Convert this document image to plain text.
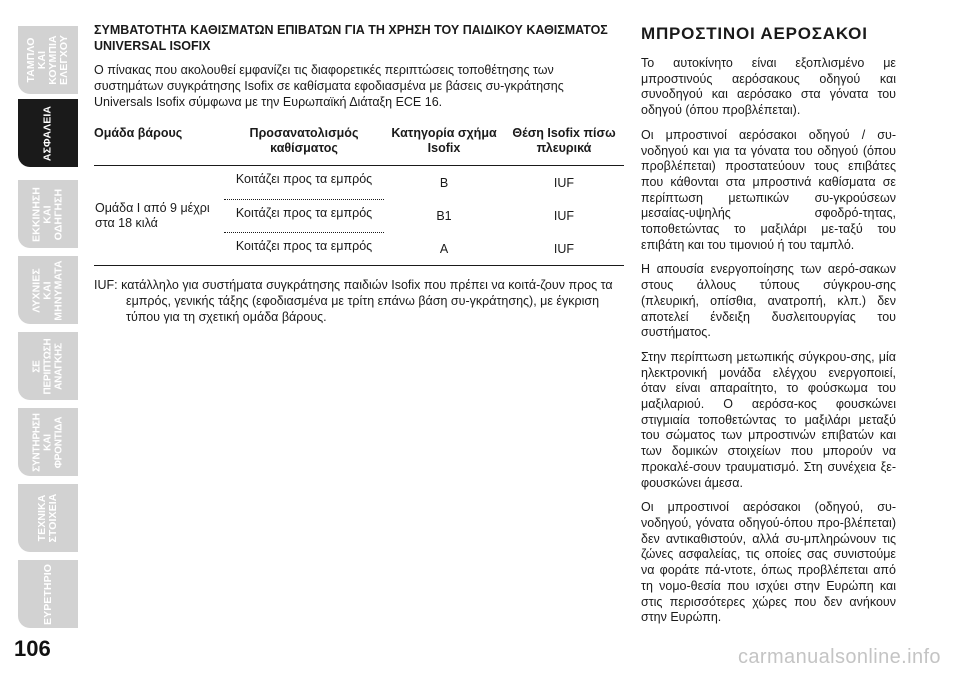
ΤΑΜΠΛΟ ΚΑΙ
ΚΟΥΜΠΙΑ
ΕΛΕΓΧΟΥ
ΑΣΦΑΛΕΙΑ
ΕΚΚΙΝΗΣΗ
ΚΑΙ ΟΔΗΓΗΣΗ
ΛΥΧΝΙΕΣ ΚΑΙ
ΜΗΝΥΜΑΤΑ
ΣΕ ΠΕΡΙΠΤΩΣΗ
ΑΝΑΓΚΗΣ
ΣΥΝΤΗΡΗΣΗ
ΚΑΙ ΦΡΟΝΤΙΔΑ
ΤΕΧΝΙΚΑ
ΣΤΟΙΧΕΙΑ
ΕΥΡΕΤΗΡΙΟ
106

ΣΥΜΒΑΤΟΤΗΤΑ ΚΑΘΙΣΜΑΤΩΝ ΕΠΙΒΑΤΩΝ ΓΙΑ ΤΗ ΧΡΗΣΗ ΤΟΥ ΠΑΙΔΙΚΟΥ ΚΑΘΙΣΜΑΤΟΣ UNIVERSAL ISOFIX

Ο πίνακας που ακολουθεί εμφανίζει τις διαφορετικές περιπτώσεις τοποθέτησης των συστημάτων συγκράτησης Isofix σε καθίσματα εφοδιασμένα με βάσεις συ-γκράτησης Universals Isofix σύμφωνα με την Ευρωπαϊκή Διάταξη ECE 16.

Ομάδα βάρους	Προσανατολισμός καθίσματος	Κατηγορία σχήμα Isofix	Θέση Isofix πίσω πλευρικά
Ομάδα I από 9 μέχρι στα 18 κιλά	Κοιτάζει προς τα εμπρός	B	IUF
	Κοιτάζει προς τα εμπρός	B1	IUF
	Κοιτάζει προς τα εμπρός	A	IUF

IUF: κατάλληλο για συστήματα συγκράτησης παιδιών Isofix που πρέπει να κοιτά-ζουν προς τα εμπρός, γενικής τάξης (εφοδιασμένα με τρίτη επάνω βάση συ-γκράτησης), με έγκριση τύπου για τη σχετική ομάδα βάρους.
ΜΠΡΟΣΤΙΝΟΙ ΑΕΡΟΣΑΚΟΙ

Το αυτοκίνητο είναι εξοπλισμένο με μπροστινούς αερόσακους οδηγού και συνοδηγού και αερόσακο στα γόνατα του οδηγού (όπου προβλέπεται).

Οι μπροστινοί αερόσακοι οδηγού / συ-νοδηγού και για τα γόνατα του οδηγού (όπου προβλέπεται) προστατεύουν τους επιβάτες που κάθονται στα μπροστινά καθίσματα σε περίπτωση μετωπικών συ-γκρούσεων μεσαίας-υψηλής σφοδρό-τητας, τοποθετώντας το μαξιλάρι με-ταξύ του επιβάτη και του τιμονιού ή του ταμπλό.

Η απουσία ενεργοποίησης των αερό-σακων στους άλλους τύπους σύγκρου-σης (πλευρική, οπίσθια, ανατροπή, κλπ.) δεν αποτελεί ένδειξη δυσλειτουργίας του συστήματος.

Στην περίπτωση μετωπικής σύγκρου-σης, μία ηλεκτρονική μονάδα ελέγχου ενεργοποιεί, όταν είναι απαραίτητο, το φούσκωμα του μαξιλαριού. Ο αερόσα-κος φουσκώνει στιγμιαία τοποθετώντας το μαξιλάρι μεταξύ του σώματος των μπροστινών επιβατών και των δομικών στοιχείων που μπορούν να προκαλέ-σουν τραυματισμό. Στη συνέχεια ξε-φουσκώνει άμεσα.

Οι μπροστινοί αερόσακοι (οδηγού, συ-νοδηγού, γόνατα οδηγού-όπου προ-βλέπεται) δεν αντικαθιστούν, αλλά συ-μπληρώνουν τις ζώνες ασφαλείας, τις οποίες σας συνιστούμε να φοράτε πά-ντοτε, όπως προβλέπεται από τη νομο-θεσία που ισχύει στην Ευρώπη και στις περισσότερες χώρες που δεν ανήκουν στην Ευρώπη.

carmanualsonline.info
